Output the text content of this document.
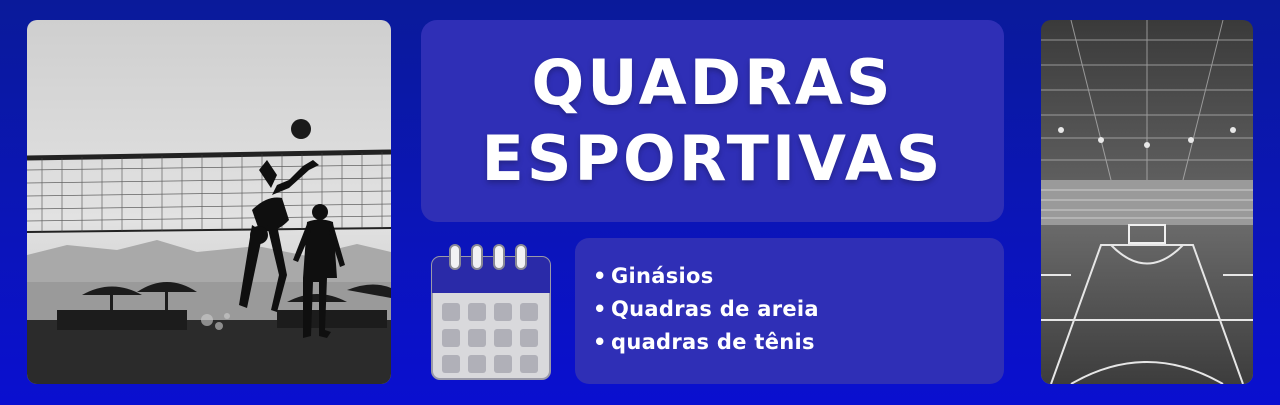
QUADRAS
ESPORTIVAS
• Ginásios
• Quadras de areia
• quadras de tênis
